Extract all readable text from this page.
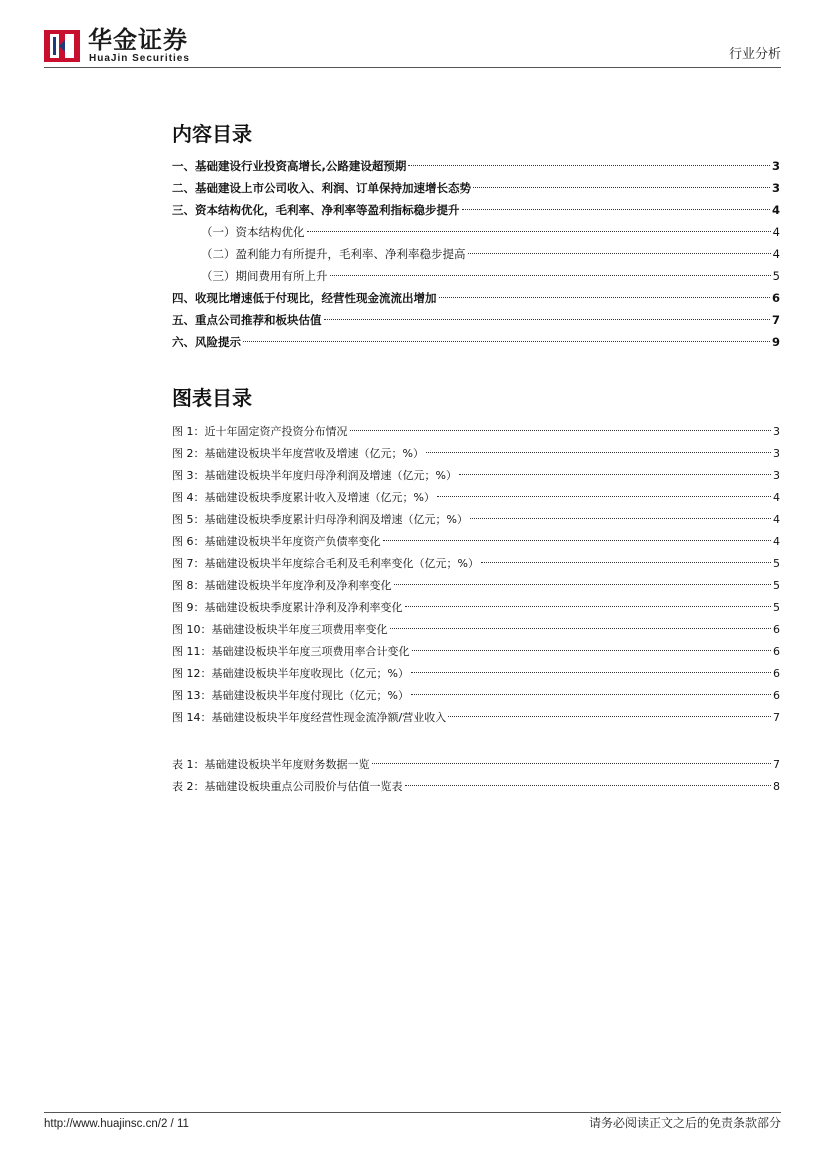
华金证券
HuaJin Securities	行业分析
内容目录
一、基础建设行业投资高增长,公路建设超预期	3
二、基础建设上市公司收入、利润、订单保持加速增长态势	3
三、资本结构优化，毛利率、净利率等盈利指标稳步提升	4
（一）资本结构优化	4
（二）盈利能力有所提升，毛利率、净利率稳步提高	4
（三）期间费用有所上升	5
四、收现比增速低于付现比，经营性现金流流出增加	6
五、重点公司推荐和板块估值	7
六、风险提示	9
图表目录
图 1：近十年固定资产投资分布情况	3
图 2：基础建设板块半年度营收及增速（亿元；%）	3
图 3：基础建设板块半年度归母净利润及增速（亿元；%）	3
图 4：基础建设板块季度累计收入及增速（亿元；%）	4
图 5：基础建设板块季度累计归母净利润及增速（亿元；%）	4
图 6：基础建设板块半年度资产负债率变化	4
图 7：基础建设板块半年度综合毛利及毛利率变化（亿元；%）	5
图 8：基础建设板块半年度净利及净利率变化	5
图 9：基础建设板块季度累计净利及净利率变化	5
图 10：基础建设板块半年度三项费用率变化	6
图 11：基础建设板块半年度三项费用率合计变化	6
图 12：基础建设板块半年度收现比（亿元；%）	6
图 13：基础建设板块半年度付现比（亿元；%）	6
图 14：基础建设板块半年度经营性现金流净额/营业收入	7
表 1：基础建设板块半年度财务数据一览	7
表 2：基础建设板块重点公司股价与估值一览表	8
http://www.huajinsc.cn/2 / 11	请务必阅读正文之后的免责条款部分
